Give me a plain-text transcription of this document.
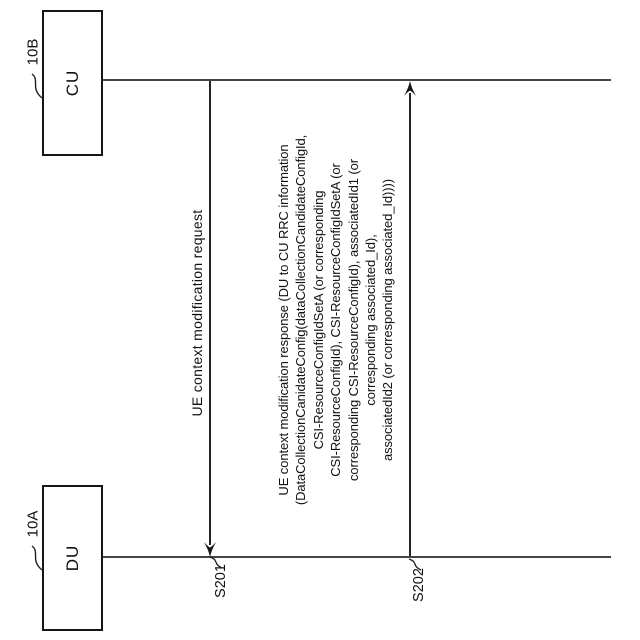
CU
10B
DU
10A
UE context modification request
S201
UE context modification response (DU to CU RRC information (DataCollectionCanidateConfig(dataCollectionCandidateConfigId, CSI-ResourceConfigIdSetA (or corresponding CSI-ResourceConfigId), CSI-ResourceConfigIdSetA (or corresponding CSI-ResourceConfigId), associatedId1 (or corresponding associated_Id), associatedId2 (or corresponding associated_Id))))
S202
